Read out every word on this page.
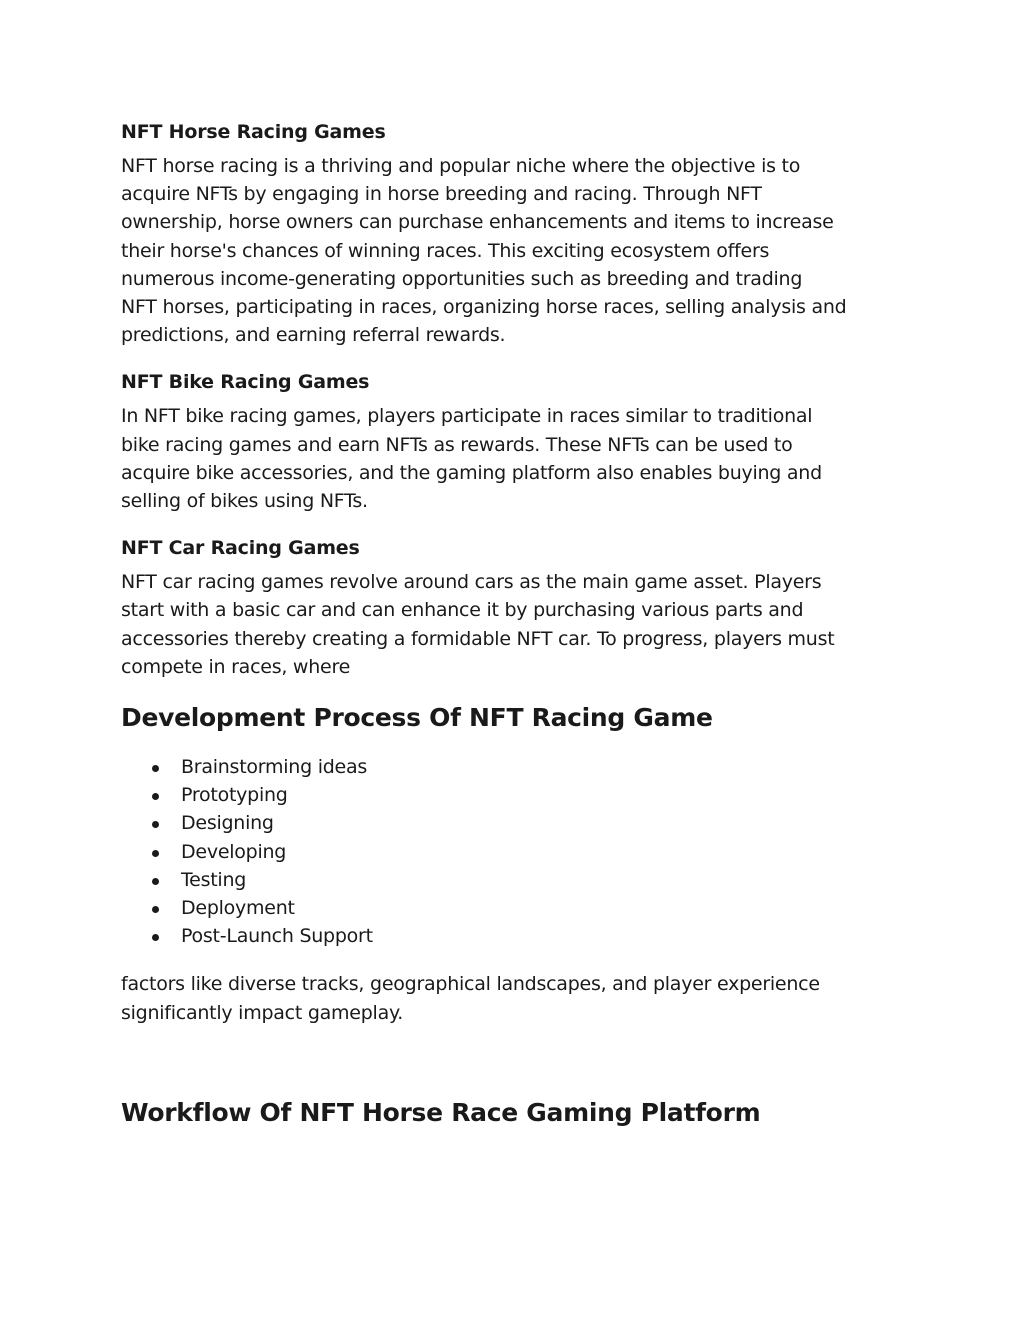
NFT Horse Racing Games
NFT horse racing is a thriving and popular niche where the objective is to
acquire NFTs by engaging in horse breeding and racing. Through NFT
ownership, horse owners can purchase enhancements and items to increase
their horse's chances of winning races. This exciting ecosystem offers
numerous income-generating opportunities such as breeding and trading
NFT horses, participating in races, organizing horse races, selling analysis and
predictions, and earning referral rewards.
NFT Bike Racing Games
In NFT bike racing games, players participate in races similar to traditional
bike racing games and earn NFTs as rewards. These NFTs can be used to
acquire bike accessories, and the gaming platform also enables buying and
selling of bikes using NFTs.
NFT Car Racing Games
NFT car racing games revolve around cars as the main game asset. Players
start with a basic car and can enhance it by purchasing various parts and
accessories thereby creating a formidable NFT car. To progress, players must
compete in races, where
Development Process Of NFT Racing Game
Brainstorming ideas
Prototyping
Designing
Developing
Testing
Deployment
Post-Launch Support
factors like diverse tracks, geographical landscapes, and player experience
significantly impact gameplay.
Workflow Of NFT Horse Race Gaming Platform
